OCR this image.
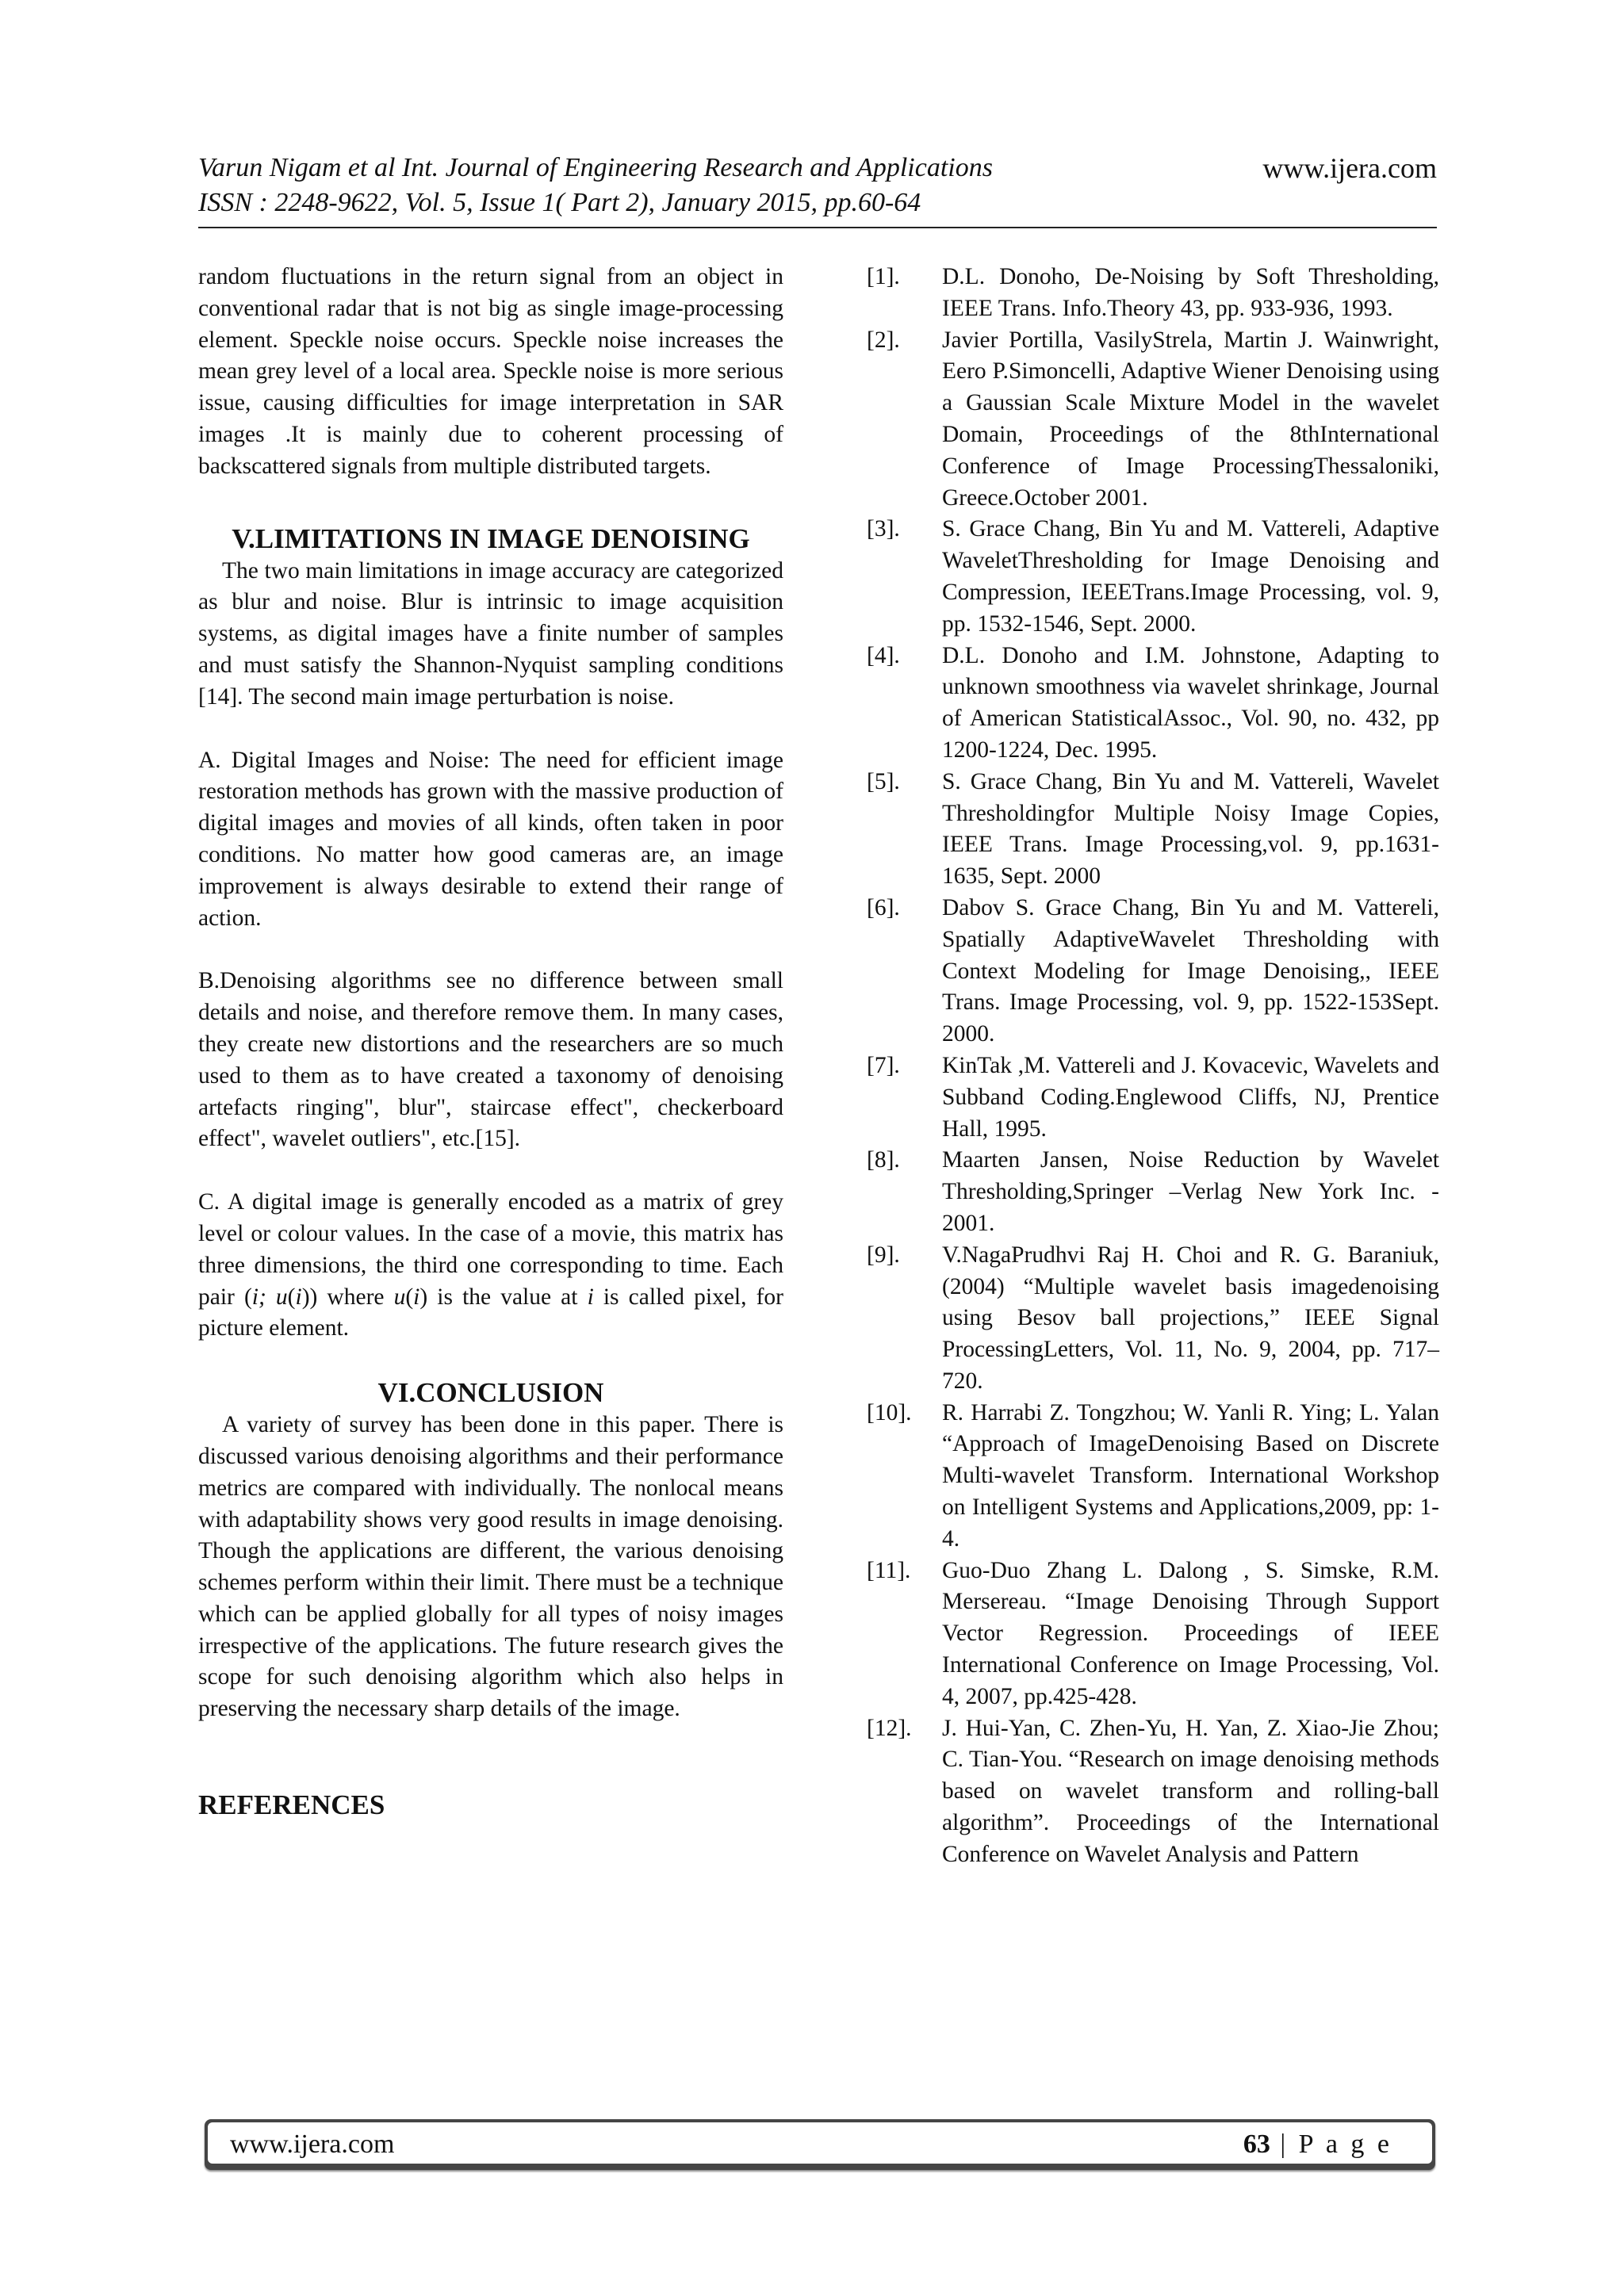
Varun Nigam et al Int. Journal of Engineering Research and Applications
ISSN : 2248-9622, Vol. 5, Issue 1( Part 2), January 2015, pp.60-64
www.ijera.com

random fluctuations in the return signal from an object in conventional radar that is not big as single image-processing element. Speckle noise occurs. Speckle noise increases the mean grey level of a local area. Speckle noise is more serious issue, causing difficulties for image interpretation in SAR images .It is mainly due to coherent processing of backscattered signals from multiple distributed targets.

V.LIMITATIONS IN IMAGE DENOISING

The two main limitations in image accuracy are categorized as blur and noise. Blur is intrinsic to image acquisition systems, as digital images have a finite number of samples and must satisfy the Shannon-Nyquist sampling conditions [14]. The second main image perturbation is noise.

A. Digital Images and Noise: The need for efficient image restoration methods has grown with the massive production of digital images and movies of all kinds, often taken in poor conditions. No matter how good cameras are, an image improvement is always desirable to extend their range of action.

B.Denoising algorithms see no difference between small details and noise, and therefore remove them. In many cases, they create new distortions and the researchers are so much used to them as to have created a taxonomy of denoising artefacts ringing", blur", staircase effect", checkerboard effect", wavelet outliers", etc.[15].

C. A digital image is generally encoded as a matrix of grey level or colour values. In the case of a movie, this matrix has three dimensions, the third one corresponding to time. Each pair (i; u(i)) where u(i) is the value at i is called pixel, for picture element.

VI.CONCLUSION

A variety of survey has been done in this paper. There is discussed various denoising algorithms and their performance metrics are compared with individually. The nonlocal means with adaptability shows very good results in image denoising. Though the applications are different, the various denoising schemes perform within their limit. There must be a technique which can be applied globally for all types of noisy images irrespective of the applications. The future research gives the scope for such denoising algorithm which also helps in preserving the necessary sharp details of the image.

REFERENCES

[1]. D.L. Donoho, De-Noising by Soft Thresholding, IEEE Trans. Info.Theory 43, pp. 933-936, 1993.

[2]. Javier Portilla, VasilyStrela, Martin J. Wainwright, Eero P.Simoncelli, Adaptive Wiener Denoising using a Gaussian Scale Mixture Model in the wavelet Domain, Proceedings of the 8thInternational Conference of Image ProcessingThessaloniki, Greece.October 2001.

[3]. S. Grace Chang, Bin Yu and M. Vattereli, Adaptive WaveletThresholding for Image Denoising and Compression, IEEETrans.Image Processing, vol. 9, pp. 1532-1546, Sept. 2000.

[4]. D.L. Donoho and I.M. Johnstone, Adapting to unknown smoothness via wavelet shrinkage, Journal of American StatisticalAssoc., Vol. 90, no. 432, pp 1200-1224, Dec. 1995.

[5]. S. Grace Chang, Bin Yu and M. Vattereli, Wavelet Thresholdingfor Multiple Noisy Image Copies, IEEE Trans. Image Processing,vol. 9, pp.1631- 1635, Sept. 2000

[6]. Dabov S. Grace Chang, Bin Yu and M. Vattereli, Spatially AdaptiveWavelet Thresholding with Context Modeling for Image Denoising,, IEEE Trans. Image Processing, vol. 9, pp. 1522-153Sept. 2000.

[7]. KinTak ,M. Vattereli and J. Kovacevic, Wavelets and Subband Coding.Englewood Cliffs, NJ, Prentice Hall, 1995.

[8]. Maarten Jansen, Noise Reduction by Wavelet Thresholding,Springer –Verlag New York Inc. - 2001.

[9]. V.NagaPrudhvi Raj H. Choi and R. G. Baraniuk, (2004) “Multiple wavelet basis imagedenoising using Besov ball projections,” IEEE Signal ProcessingLetters, Vol. 11, No. 9, 2004, pp. 717–720.

[10]. R. Harrabi Z. Tongzhou; W. Yanli R. Ying; L. Yalan “Approach of ImageDenoising Based on Discrete Multi-wavelet Transform. International Workshop on Intelligent Systems and Applications,2009, pp: 1-4.

[11]. Guo-Duo Zhang L. Dalong , S. Simske, R.M. Mersereau. “Image Denoising Through Support Vector Regression. Proceedings of IEEE International Conference on Image Processing, Vol. 4, 2007, pp.425-428.

[12]. J. Hui-Yan, C. Zhen-Yu, H. Yan, Z. Xiao-Jie Zhou; C. Tian-You. “Research on image denoising methods based on wavelet transform and rolling-ball algorithm”. Proceedings of the International Conference on Wavelet Analysis and Pattern

www.ijera.com	63 | P a g e
